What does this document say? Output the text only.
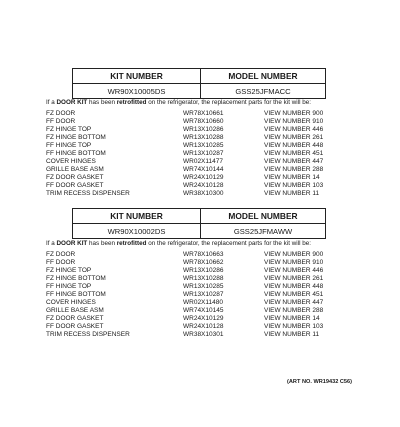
KIT NUMBER	MODEL NUMBER
WR90X10005DS	GSS25JFMACC
If a DOOR KIT has been retrofitted on the refrigerator, the replacement parts for the kit will be:
FZ DOOR	WR78X10661	VIEW NUMBER 900
FF DOOR	WR78X10660	VIEW NUMBER 910
FZ HINGE TOP	WR13X10286	VIEW NUMBER 446
FZ HINGE BOTTOM	WR13X10288	VIEW NUMBER 261
FF HINGE TOP	WR13X10285	VIEW NUMBER 448
FF HINGE BOTTOM	WR13X10287	VIEW NUMBER 451
COVER HINGES	WR02X11477	VIEW NUMBER 447
GRILLE BASE ASM	WR74X10144	VIEW NUMBER 288
FZ DOOR GASKET	WR24X10129	VIEW NUMBER 14
FF DOOR GASKET	WR24X10128	VIEW NUMBER 103
TRIM RECESS DISPENSER	WR38X10300	VIEW NUMBER 11
KIT NUMBER	MODEL NUMBER
WR90X10002DS	GSS25JFMAWW
If a DOOR KIT has been retrofitted on the refrigerator, the replacement parts for the kit will be:
FZ DOOR	WR78X10663	VIEW NUMBER 900
FF DOOR	WR78X10662	VIEW NUMBER 910
FZ HINGE TOP	WR13X10286	VIEW NUMBER 446
FZ HINGE BOTTOM	WR13X10288	VIEW NUMBER 261
FF HINGE TOP	WR13X10285	VIEW NUMBER 448
FF HINGE BOTTOM	WR13X10287	VIEW NUMBER 451
COVER HINGES	WR02X11480	VIEW NUMBER 447
GRILLE BASE ASM	WR74X10145	VIEW NUMBER 288
FZ DOOR GASKET	WR24X10129	VIEW NUMBER 14
FF DOOR GASKET	WR24X10128	VIEW NUMBER 103
TRIM RECESS DISPENSER	WR38X10301	VIEW NUMBER 11
(ART NO. WR19432 C56)
